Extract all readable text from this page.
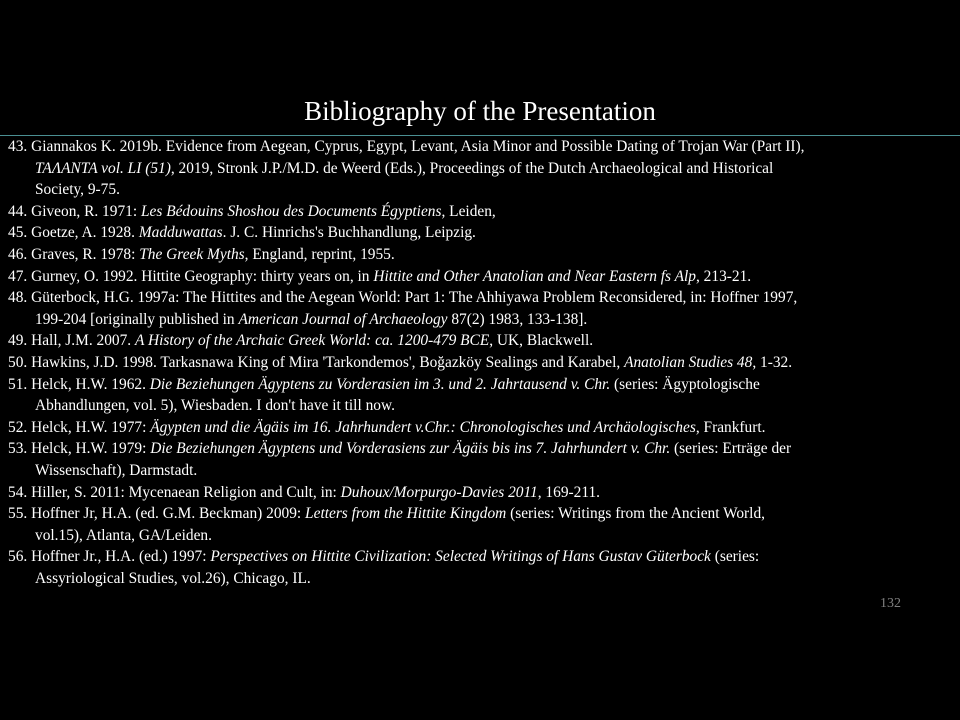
Bibliography of the Presentation
43. Giannakos K. 2019b. Evidence from Aegean, Cyprus, Egypt, Levant, Asia Minor and Possible Dating of Trojan War (Part II),
TAΛANTA vol. LI (51), 2019, Stronk J.P./M.D. de Weerd (Eds.), Proceedings of the Dutch Archaeological and Historical
Society, 9-75.
44. Giveon, R. 1971: Les Bédouins Shoshou des Documents Égyptiens, Leiden,
45. Goetze, A. 1928. Madduwattas. J. C. Hinrichs's Buchhandlung, Leipzig.
46. Graves, R. 1978: The Greek Myths, England, reprint, 1955.
47. Gurney, O. 1992. Hittite Geography: thirty years on, in Hittite and Other Anatolian and Near Eastern fs Alp, 213-21.
48. Güterbock, H.G. 1997a: The Hittites and the Aegean World: Part 1: The Ahhiyawa Problem Reconsidered, in: Hoffner 1997,
199-204 [originally published in American Journal of Archaeology 87(2) 1983, 133-138].
49. Hall, J.M. 2007. A History of the Archaic Greek World: ca. 1200-479 BCE, UK, Blackwell.
50. Hawkins, J.D. 1998. Tarkasnawa King of Mira 'Tarkondemos', Boğazköy Sealings and Karabel, Anatolian Studies 48, 1-32.
51. Helck, H.W. 1962. Die Beziehungen Ägyptens zu Vorderasien im 3. und 2. Jahrtausend v. Chr. (series: Ägyptologische
Abhandlungen, vol. 5), Wiesbaden. I don't have it till now.
52. Helck, H.W. 1977: Ägypten und die Ägäis im 16. Jahrhundert v.Chr.: Chronologisches und Archäologisches, Frankfurt.
53. Helck, H.W. 1979: Die Beziehungen Ägyptens und Vorderasiens zur Ägäis bis ins 7. Jahrhundert v. Chr. (series: Erträge der
Wissenschaft), Darmstadt.
54. Hiller, S. 2011: Mycenaean Religion and Cult, in: Duhoux/Morpurgo-Davies 2011, 169-211.
55. Hoffner Jr, H.A. (ed. G.M. Beckman) 2009: Letters from the Hittite Kingdom (series: Writings from the Ancient World,
vol.15), Atlanta, GA/Leiden.
56. Hoffner Jr., H.A. (ed.) 1997: Perspectives on Hittite Civilization: Selected Writings of Hans Gustav Güterbock (series:
Assyriological Studies, vol.26), Chicago, IL.
132
